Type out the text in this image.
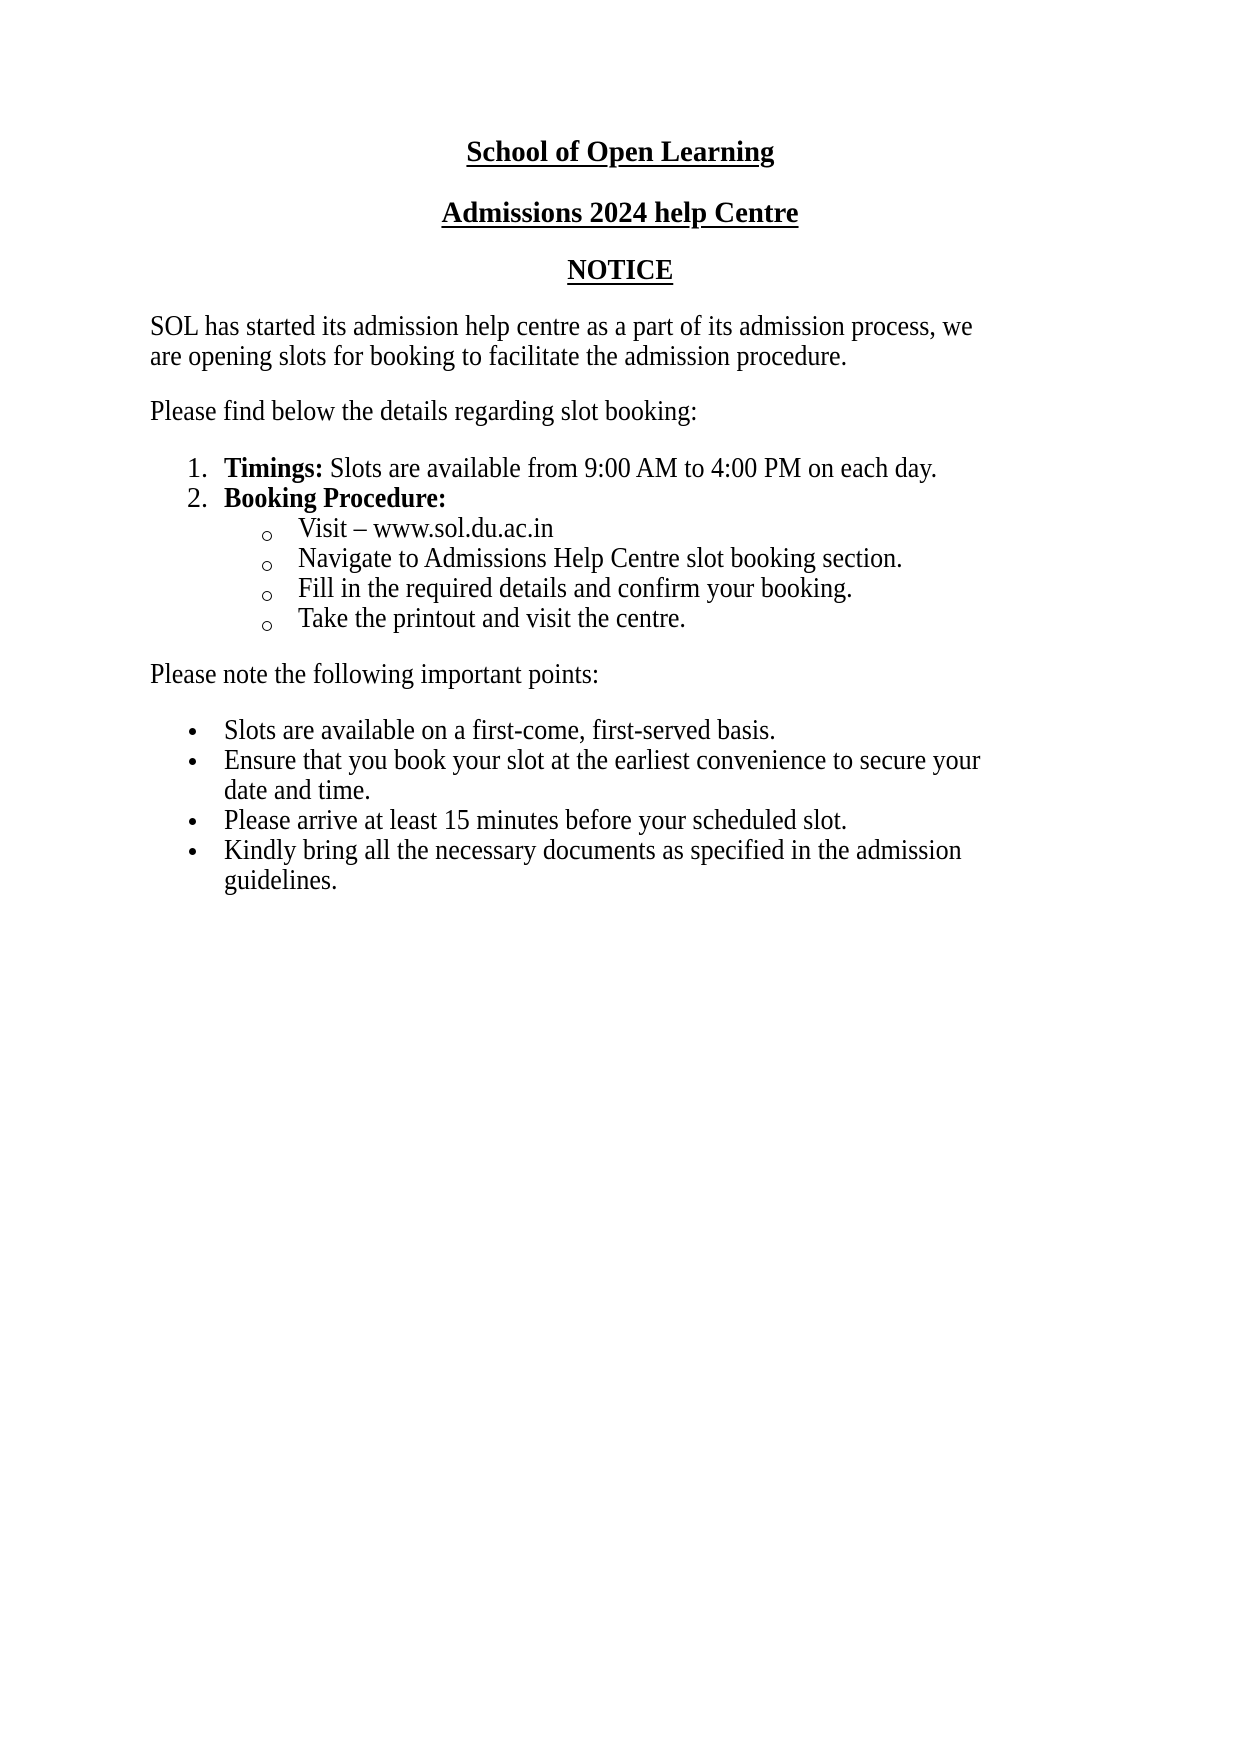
School of Open Learning
Admissions 2024 help Centre
NOTICE
SOL has started its admission help centre as a part of its admission process, we
are opening slots for booking to facilitate the admission procedure.
Please find below the details regarding slot booking:
1. Timings: Slots are available from 9:00 AM to 4:00 PM on each day.
2. Booking Procedure:
Visit – www.sol.du.ac.in
Navigate to Admissions Help Centre slot booking section.
Fill in the required details and confirm your booking.
Take the printout and visit the centre.
Please note the following important points:
Slots are available on a first-come, first-served basis.
Ensure that you book your slot at the earliest convenience to secure your
date and time.
Please arrive at least 15 minutes before your scheduled slot.
Kindly bring all the necessary documents as specified in the admission
guidelines.
